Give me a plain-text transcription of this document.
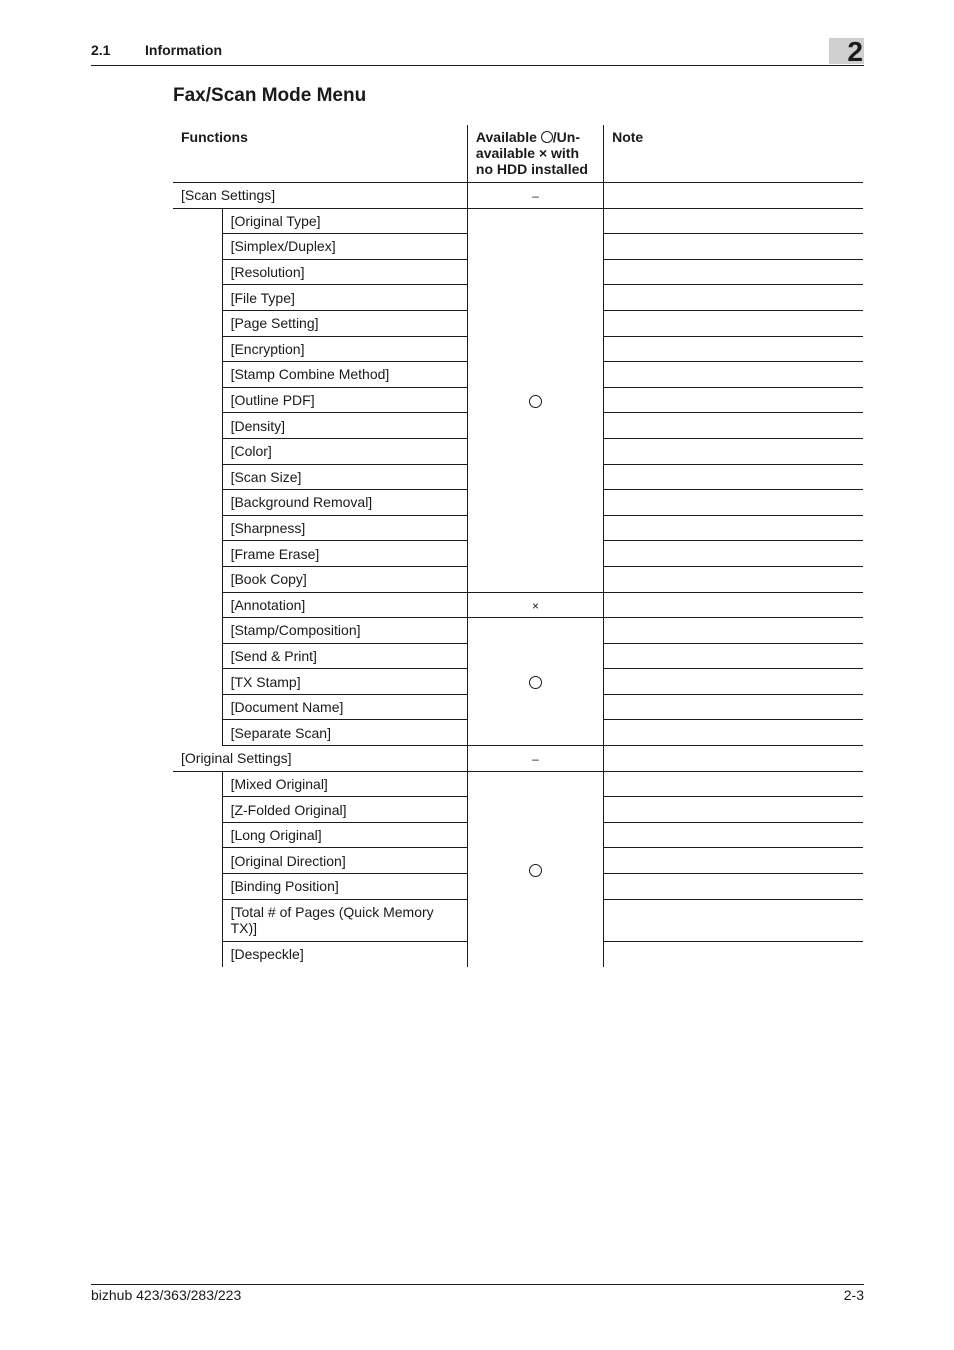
2.1 Information	2
Fax/Scan Mode Menu
Functions		Available /Un-available × with no HDD installed	Note
[Scan Settings]		–	
	[Original Type]		
	[Simplex/Duplex]		
	[Resolution]		
	[File Type]		
	[Page Setting]		
	[Encryption]		
	[Stamp Combine Method]		
	[Outline PDF]		
	[Density]		
	[Color]		
	[Scan Size]		
	[Background Removal]		
	[Sharpness]		
	[Frame Erase]		
	[Book Copy]		
	[Annotation]	×	
	[Stamp/Composition]		
	[Send & Print]		
	[TX Stamp]		
	[Document Name]		
	[Separate Scan]		
[Original Settings]		–	
	[Mixed Original]		
	[Z-Folded Original]		
	[Long Original]		
	[Original Direction]		
	[Binding Position]		
	[Total # of Pages (Quick Memory TX)]		
	[Despeckle]		
bizhub 423/363/283/223	2-3
